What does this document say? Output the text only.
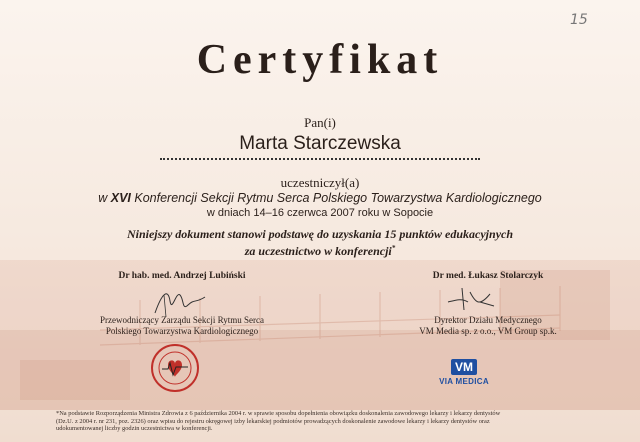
15
Certyfikat
Pan(i)
Marta Starczewska
uczestniczył(a)
w XVI Konferencji Sekcji Rytmu Serca Polskiego Towarzystwa Kardiologicznego
w dniach 14–16 czerwca 2007 roku w Sopocie
Niniejszy dokument stanowi podstawę do uzyskania 15 punktów edukacyjnych
za uczestnictwo w konferencji*
Dr hab. med. Andrzej Lubiński
Przewodniczący Zarządu Sekcji Rytmu Serca
Polskiego Towarzystwa Kardiologicznego
Dr med. Łukasz Stolarczyk
Dyrektor Działu Medycznego
VM Media sp. z o.o., VM Group sp.k.
VM
VIA MEDICA
*Na podstawie Rozporządzenia Ministra Zdrowia z 6 października 2004 r. w sprawie sposobu dopełnienia obowiązku doskonalenia zawodowego lekarzy i lekarzy dentystów
(Dz.U. z 2004 r. nr 231, poz. 2326) oraz wpisu do rejestru okręgowej izby lekarskiej podmiotów prowadzących doskonalenie zawodowe lekarzy i lekarzy dentystów oraz
udokumentowanej liczby godzin uczestnictwa w konferencji.
